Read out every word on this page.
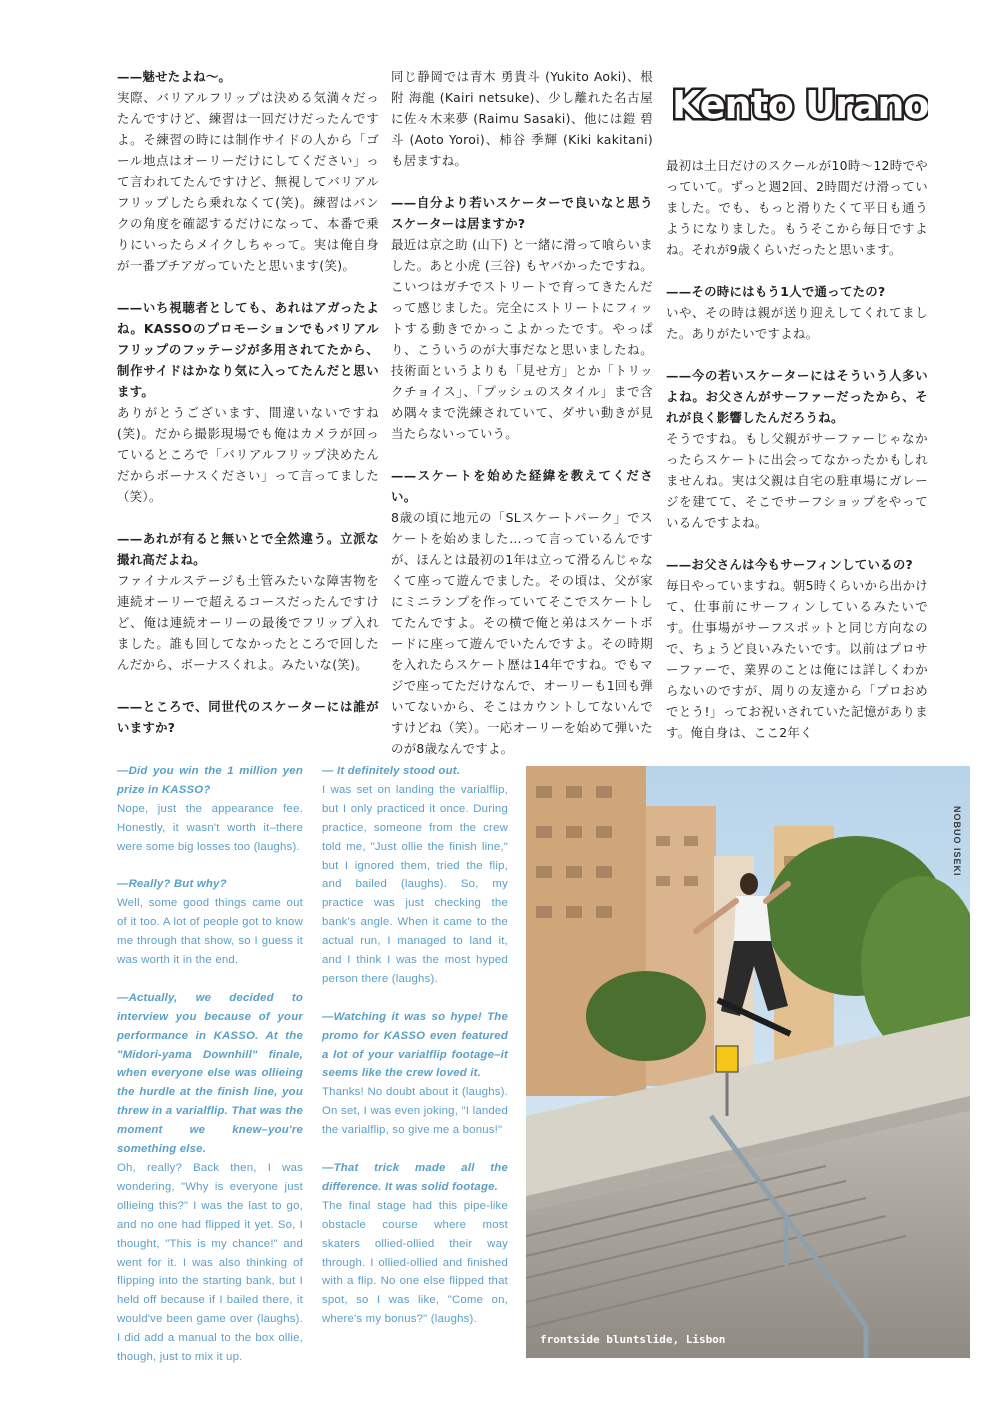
——魅せたよね〜。
実際、バリアルフリップは決める気満々だったんですけど、練習は一回だけだったんですよ。そ練習の時には制作サイドの人から「ゴール地点はオーリーだけにしてください」って言われてたんですけど、無視してバリアルフリップしたら乗れなくて(笑)。練習はバンクの角度を確認するだけになって、本番で乗りにいったらメイクしちゃって。実は俺自身が一番ブチアガっていたと思います(笑)。

——いち視聴者としても、あれはアガったよね。KASSOのプロモーションでもバリアルフリップのフッテージが多用されてたから、制作サイドはかなり気に入ってたんだと思います。
ありがとうございます、間違いないですね(笑)。だから撮影現場でも俺はカメラが回っているところで「バリアルフリップ決めたんだからボーナスください」って言ってました（笑）。

——あれが有ると無いとで全然違う。立派な撮れ高だよね。
ファイナルステージも土管みたいな障害物を連続オーリーで超えるコースだったんですけど、俺は連続オーリーの最後でフリップ入れました。誰も回してなかったところで回したんだから、ボーナスくれよ。みたいな(笑)。

——ところで、同世代のスケーターには誰がいますか?

同じ静岡では青木 勇貴斗 (Yukito Aoki)、根附 海龍 (Kairi netsuke)、少し離れた名古屋に佐々木来夢 (Raimu Sasaki)、他には鎧 碧斗 (Aoto Yoroi)、柿谷 季輝 (Kiki kakitani) も居ますね。

——自分より若いスケーターで良いなと思うスケーターは居ますか?
最近は京之助 (山下) と一緒に滑って喰らいました。あと小虎 (三谷) もヤバかったですね。こいつはガチでストリートで育ってきたんだって感じました。完全にストリートにフィットする動きでかっこよかったです。やっぱり、こういうのが大事だなと思いましたね。技術面というよりも「見せ方」とか「トリックチョイス」、「プッシュのスタイル」まで含め隅々まで洗練されていて、ダサい動きが見当たらないっていう。

——スケートを始めた経緯を教えてください。
8歳の頃に地元の「SLスケートパーク」でスケートを始めました…って言っているんですが、ほんとは最初の1年は立って滑るんじゃなくて座って遊んでました。その頃は、父が家にミニランプを作っていてそこでスケートしてたんですよ。その横で俺と弟はスケートボードに座って遊んでいたんですよ。その時期を入れたらスケート歴は14年ですね。でもマジで座ってただけなんで、オーリーも1回も弾いてないから、そこはカウントしてないんですけどね（笑）。一応オーリーを始めて弾いたのが8歳なんですよ。

Kento Urano

最初は土日だけのスクールが10時〜12時でやっていて。ずっと週2回、2時間だけ滑っていました。でも、もっと滑りたくて平日も通うようになりました。もうそこから毎日ですよね。それが9歳くらいだったと思います。

——その時にはもう1人で通ってたの?
いや、その時は親が送り迎えしてくれてました。ありがたいですよね。

——今の若いスケーターにはそういう人多いよね。お父さんがサーファーだったから、それが良く影響したんだろうね。
そうですね。もし父親がサーファーじゃなかったらスケートに出会ってなかったかもしれませんね。実は父親は自宅の駐車場にガレージを建てて、そこでサーフショップをやっているんですよね。

——お父さんは今もサーフィンしているの?
毎日やっていますね。朝5時くらいから出かけて、仕事前にサーフィンしているみたいです。仕事場がサーフスポットと同じ方向なので、ちょうど良いみたいです。以前はプロサーファーで、業界のことは俺には詳しくわからないのですが、周りの友達から「プロおめでとう!」ってお祝いされていた記憶があります。俺自身は、ここ2年く

—Did you win the 1 million yen prize in KASSO?
Nope, just the appearance fee. Honestly, it wasn't worth it–there were some big losses too (laughs).

—Really? But why?
Well, some good things came out of it too. A lot of people got to know me through that show, so I guess it was worth it in the end.

—Actually, we decided to interview you because of your performance in KASSO. At the "Midori-yama Downhill" finale, when everyone else was ollieing the hurdle at the finish line, you threw in a varialflip. That was the moment we knew–you're something else.
Oh, really? Back then, I was wondering, "Why is everyone just ollieing this?" I was the last to go, and no one had flipped it yet. So, I thought, "This is my chance!" and went for it. I was also thinking of flipping into the starting bank, but I held off because if I bailed there, it would've been game over (laughs). I did add a manual to the box ollie, though, just to mix it up.

— It definitely stood out.
I was set on landing the varialflip, but I only practiced it once. During practice, someone from the crew told me, "Just ollie the finish line," but I ignored them, tried the flip, and bailed (laughs). So, my practice was just checking the bank's angle. When it came to the actual run, I managed to land it, and I think I was the most hyped person there (laughs).

—Watching it was so hype! The promo for KASSO even featured a lot of your varialflip footage–it seems like the crew loved it.
Thanks! No doubt about it (laughs). On set, I was even joking, "I landed the varialflip, so give me a bonus!"

—That trick made all the difference. It was solid footage.
The final stage had this pipe-like obstacle course where most skaters ollied-ollied their way through. I ollied-ollied and finished with a flip. No one else flipped that spot, so I was like, "Come on, where's my bonus?" (laughs).

NOBUO ISEKI
frontside bluntslide, Lisbon
